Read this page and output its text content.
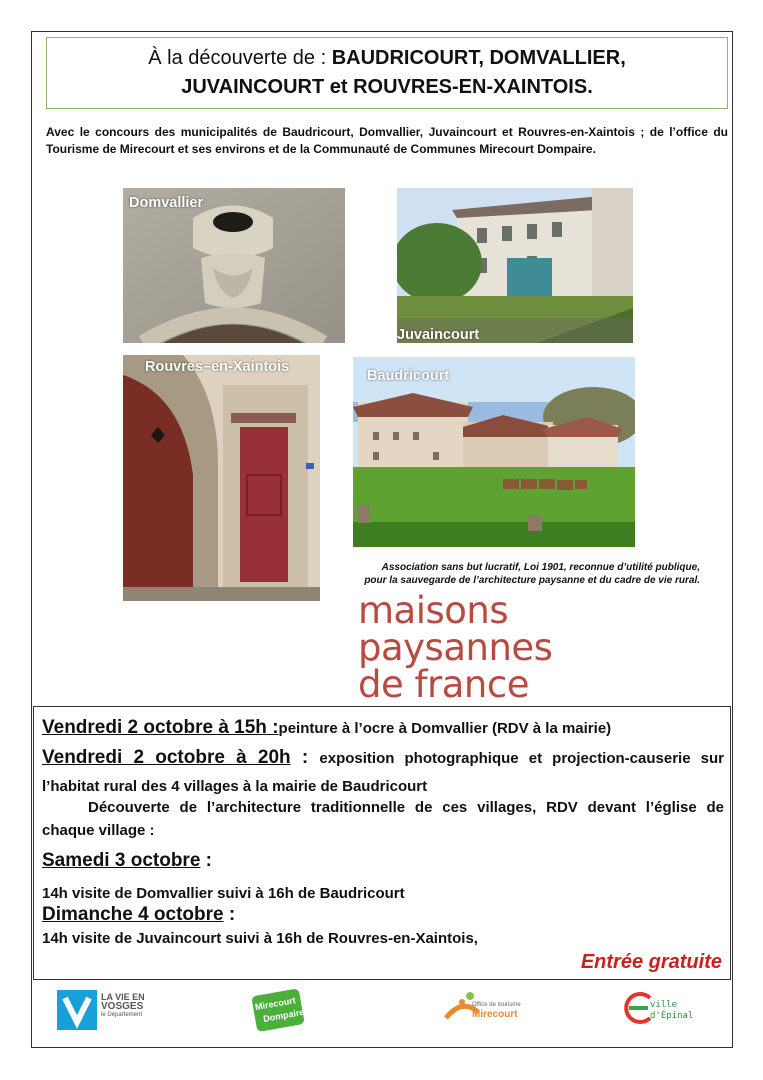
À la découverte de : BAUDRICOURT, DOMVALLIER,
JUVAINCOURT et ROUVRES-EN-XAINTOIS.
Avec le concours des municipalités de Baudricourt, Domvallier, Juvaincourt et Rouvres-en-Xaintois ; de l’office du Tourisme de Mirecourt et ses environs et de la Communauté de Communes Mirecourt Dompaire.
Domvallier
Juvaincourt
Rouvres–en-Xaintois
Baudricourt
Association sans but lucratif, Loi 1901, reconnue d’utilité publique, pour la sauvegarde de l’architecture paysanne et du cadre de vie rural.
maisons
paysannes
de france
Vendredi 2 octobre à 15h :peinture à l’ocre à Domvallier (RDV à la mairie)
Vendredi 2 octobre à 20h : exposition photographique et projection-causerie sur l’habitat rural des 4 villages à la mairie de Baudricourt
Découverte de l’architecture traditionnelle de ces villages, RDV devant l’église de chaque village :
Samedi 3 octobre :
14h visite de Domvallier suivi à 16h de Baudricourt
Dimanche 4 octobre :
14h visite de Juvaincourt suivi à 16h de Rouvres-en-Xaintois,
Entrée gratuite
LA VIE EN
VOSGES
le Département
Mirecourt
Dompaire
Office de tourisme
Mirecourt
ville
d'Épinal
